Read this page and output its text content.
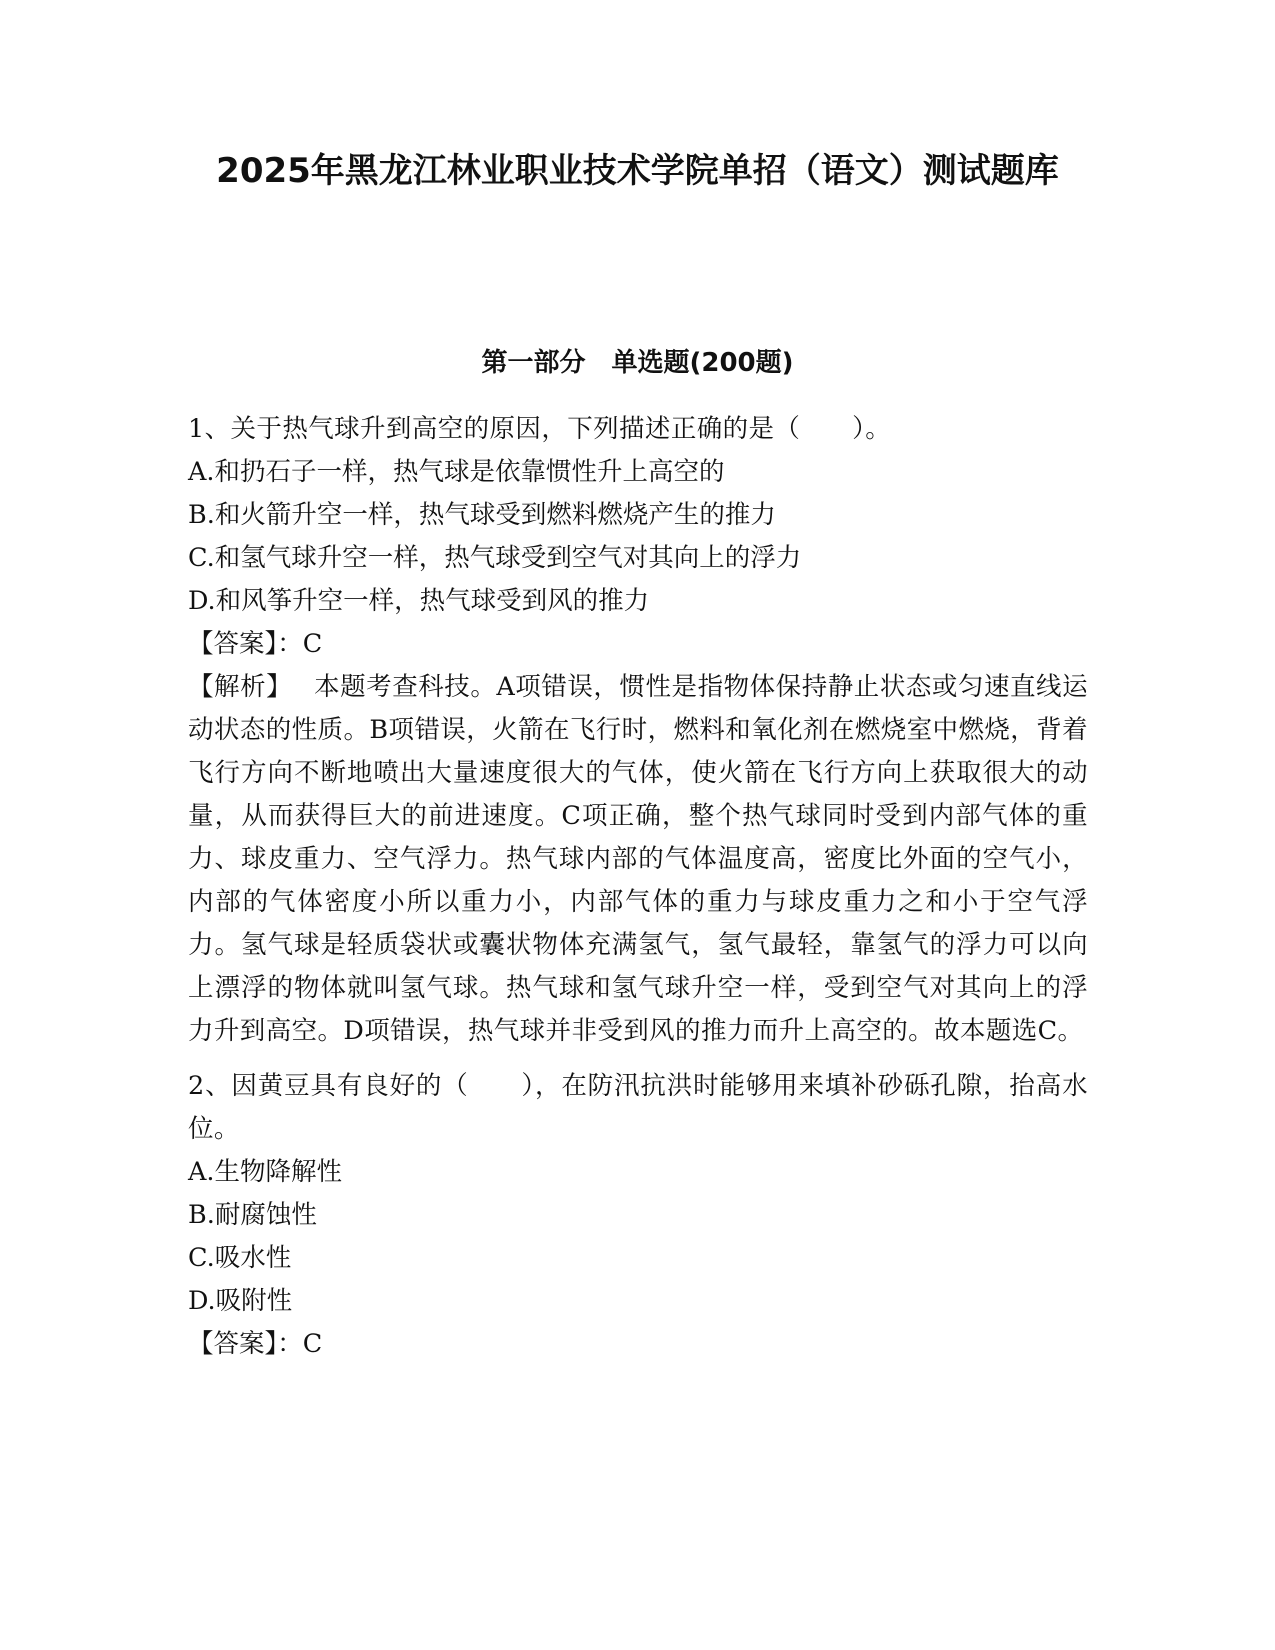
2025年黑龙江林业职业技术学院单招（语文）测试题库
第一部分　单选题(200题)

1、关于热气球升到高空的原因，下列描述正确的是（　　）。

A.和扔石子一样，热气球是依靠惯性升上高空的

B.和火箭升空一样，热气球受到燃料燃烧产生的推力

C.和氢气球升空一样，热气球受到空气对其向上的浮力

D.和风筝升空一样，热气球受到风的推力

【答案】：C

【解析】　 本题考查科技。A项错误，惯性是指物体保持静止状态或匀速直线运动状态的性质。B项错误，火箭在飞行时，燃料和氧化剂在燃烧室中燃烧，背着飞行方向不断地喷出大量速度很大的气体，使火箭在飞行方向上获取很大的动量，从而获得巨大的前进速度。C项正确，整个热气球同时受到内部气体的重力、球皮重力、空气浮力。热气球内部的气体温度高，密度比外面的空气小，内部的气体密度小所以重力小，内部气体的重力与球皮重力之和小于空气浮力。氢气球是轻质袋状或囊状物体充满氢气，氢气最轻，靠氢气的浮力可以向上漂浮的物体就叫氢气球。热气球和氢气球升空一样，受到空气对其向上的浮力升到高空。D项错误，热气球并非受到风的推力而升上高空的。故本题选C。

2、因黄豆具有良好的（　　），在防汛抗洪时能够用来填补砂砾孔隙，抬高水位。

A.生物降解性

B.耐腐蚀性

C.吸水性

D.吸附性

【答案】：C
